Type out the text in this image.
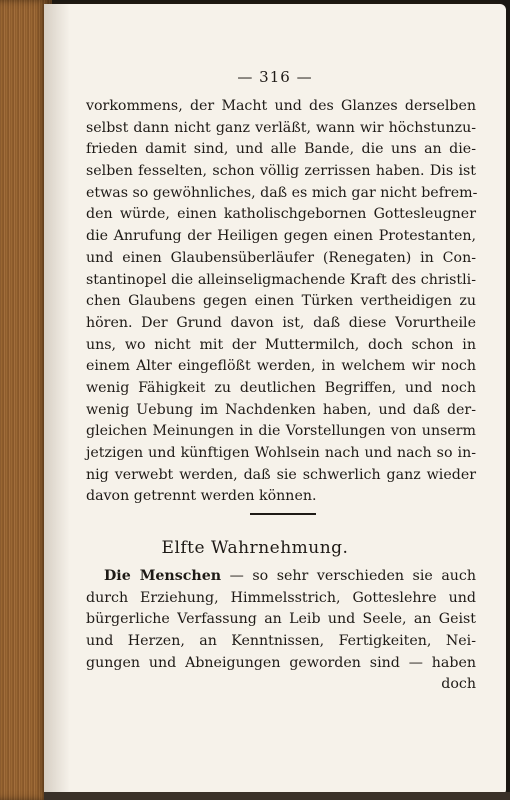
— 316 —
vorkommens, der Macht und des Glanzes derselben
selbst dann nicht ganz verläßt, wann wir höchstunzu-
frieden damit sind, und alle Bande, die uns an die-
selben fesselten, schon völlig zerrissen haben. Dis ist
etwas so gewöhnliches, daß es mich gar nicht befrem-
den würde, einen katholischgebornen Gottesleugner
die Anrufung der Heiligen gegen einen Protestanten,
und einen Glaubensüberläufer (Renegaten) in Con-
stantinopel die alleinseligmachende Kraft des christli-
chen Glaubens gegen einen Türken vertheidigen zu
hören. Der Grund davon ist, daß diese Vorurtheile
uns, wo nicht mit der Muttermilch, doch schon in
einem Alter eingeflößt werden, in welchem wir noch
wenig Fähigkeit zu deutlichen Begriffen, und noch
wenig Uebung im Nachdenken haben, und daß der-
gleichen Meinungen in die Vorstellungen von unserm
jetzigen und künftigen Wohlsein nach und nach so in-
nig verwebt werden, daß sie schwerlich ganz wieder
davon getrennt werden können.
Elfte Wahrnehmung.
Die Menschen — so sehr verschieden sie auch
durch Erziehung, Himmelsstrich, Gotteslehre und
bürgerliche Verfassung an Leib und Seele, an Geist
und Herzen, an Kenntnissen, Fertigkeiten, Nei-
gungen und Abneigungen geworden sind — haben
doch
